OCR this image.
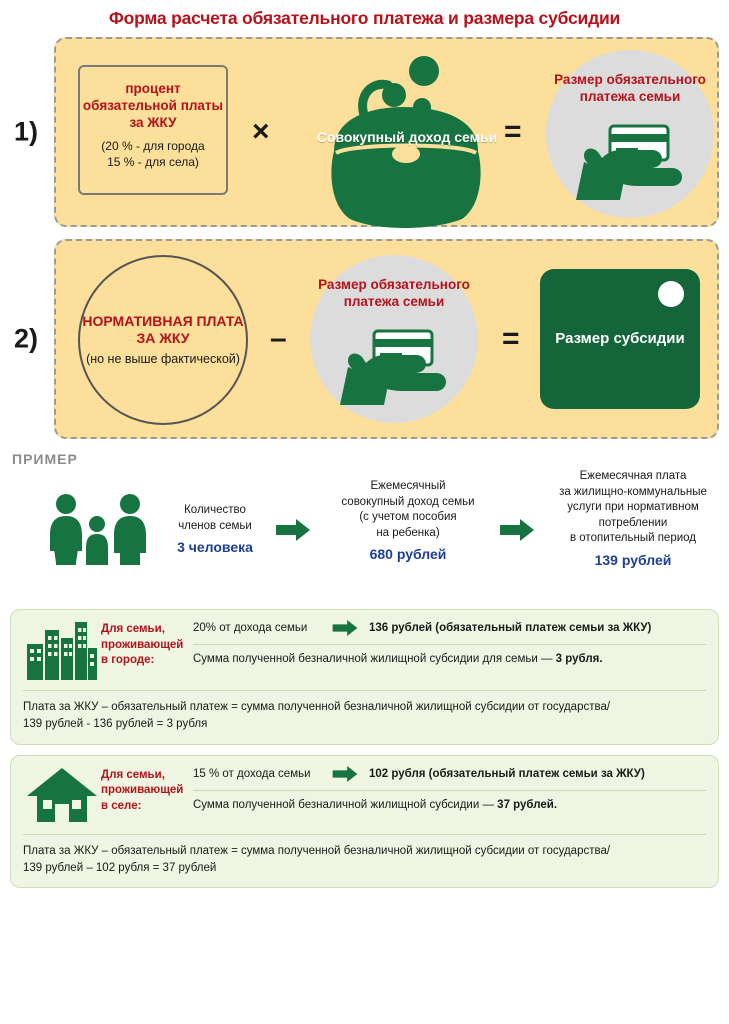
Форма расчета обязательного платежа и размера субсидии
1)
процент обязательной платы за ЖКУ
(20 % - для города
15 % - для села)
×	Совокупный доход семьи =
Размер обязательного платежа семьи
2)
НОРМАТИВНАЯ ПЛАТА ЗА ЖКУ
(но не выше фактической)
–
Размер обязательного платежа семьи
= Размер субсидии
ПРИМЕР
Количество
членов семьи
3 человека
Ежемесячный
совокупный доход семьи
(с учетом пособия
на ребенка)
680 рублей
Ежемесячная плата
за жилищно-коммунальные
услуги при нормативном
потреблении
в отопительный период
139 рублей
Для семьи, проживающей в городе:
20% от дохода семьи	136 рублей (обязательный платеж семьи за ЖКУ)
Сумма полученной безналичной жилищной субсидии для семьи — 3 рубля.
Плата за ЖКУ – обязательный платеж = сумма полученной безналичной жилищной субсидии от государства/
139 рублей - 136 рублей = 3 рубля
Для семьи, проживающей в селе:
15 % от дохода семьи	102 рубля (обязательный платеж семьи за ЖКУ)
Сумма полученной безналичной жилищной субсидии — 37 рублей.
Плата за ЖКУ – обязательный платеж = сумма полученной безналичной жилищной субсидии от государства/
139 рублей – 102 рубля = 37 рублей
